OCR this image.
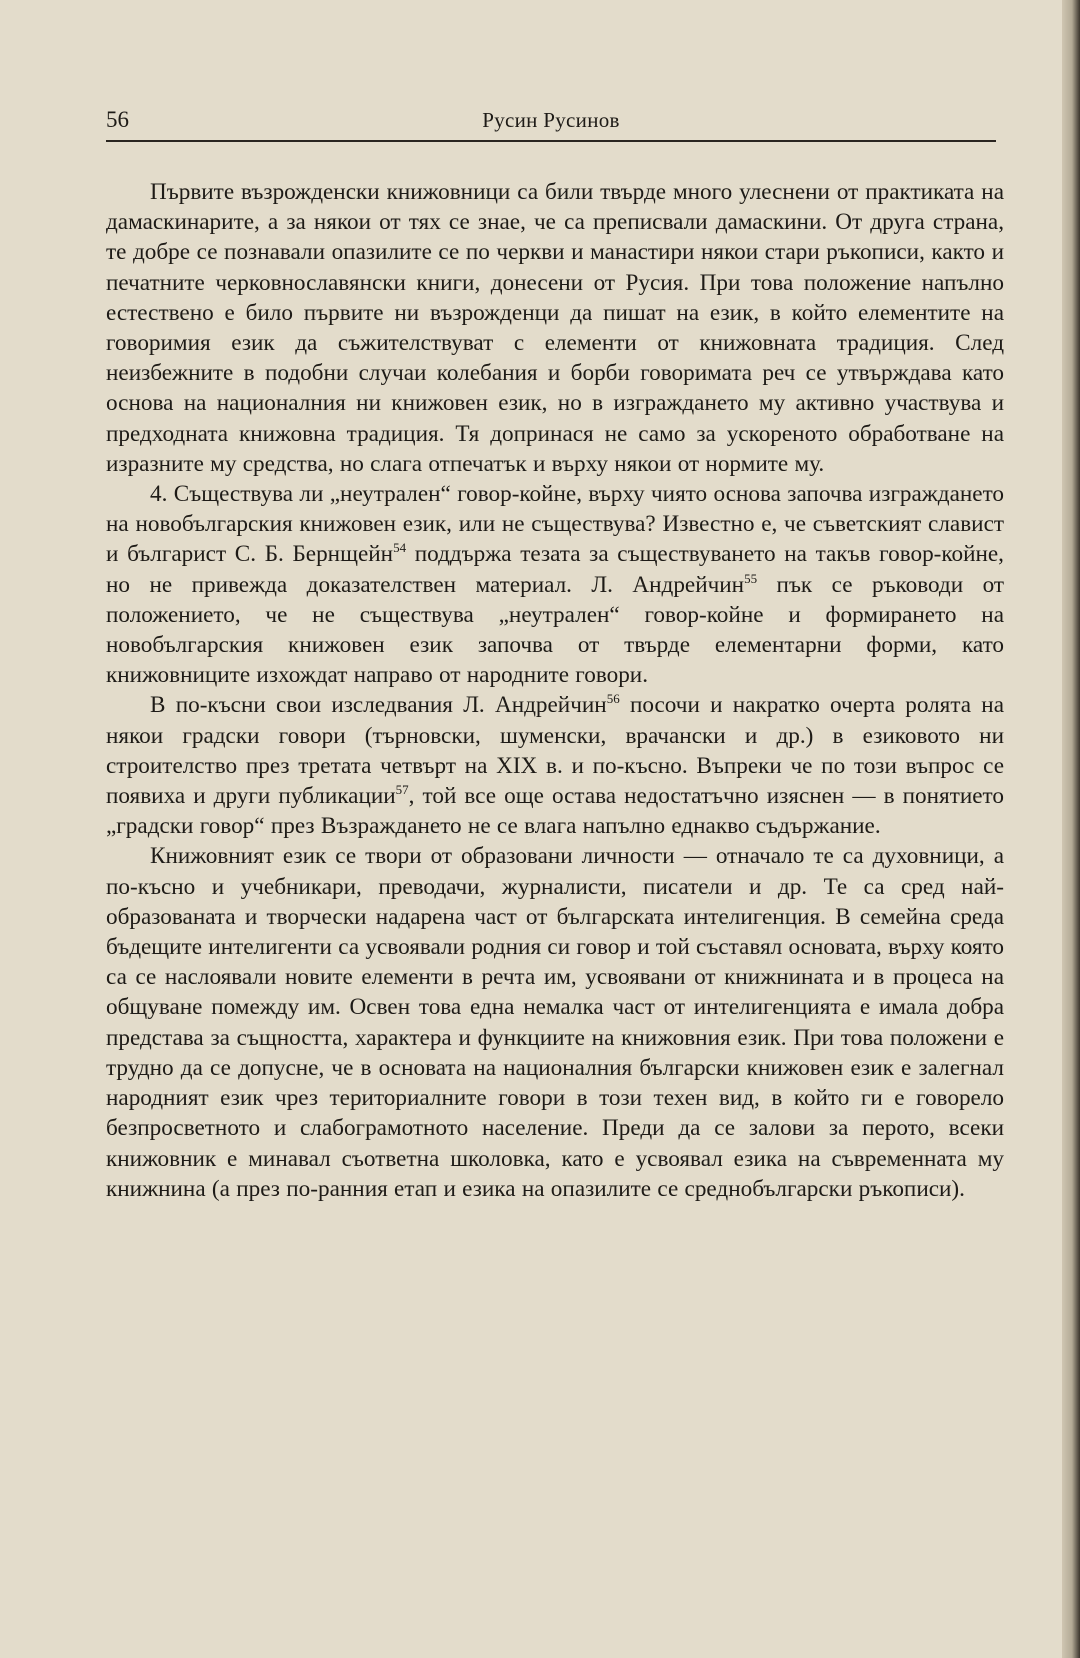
56	Русин Русинов

Първите възрожденски книжовници са били твърде много улеснени от практиката на дамаскинарите, а за някои от тях се знае, че са преписвали дамаскини. От друга страна, те добре се познавали опазилите се по черкви и манастири някои стари ръкописи, както и печатните черковнославянски книги, донесени от Русия. При това положение напълно естествено е било първите ни възрожденци да пишат на език, в който елементите на говоримия език да съжителствуват с елементи от книжовната традиция. След неизбежните в подобни случаи колебания и борби говоримата реч се утвърждава като основа на националния ни книжовен език, но в изграждането му активно участвува и предходната книжовна традиция. Тя допринася не само за ускореното обработване на изразните му средства, но слага отпечатък и върху някои от нормите му.

4. Съществува ли „неутрален“ говор-койне, върху чиято основа започва изграждането на новобългарския книжовен език, или не съществува? Известно е, че съветският славист и българист С. Б. Бернщейн$^{54}$ поддържа тезата за съществуването на такъв говор-койне, но не привежда доказателствен материал. Л. Андрейчин$^{55}$ пък се ръководи от положението, че не съществува „неутрален“ говор-койне и формирането на новобългарския книжовен език започва от твърде елементарни форми, като книжовниците изхождат направо от народните говори.

В по-късни свои изследвания Л. Андрейчин$^{56}$ посочи и накратко очерта ролята на някои градски говори (търновски, шуменски, врачански и др.) в езиковото ни строителство през третата четвърт на XIX в. и по-късно. Въпреки че по този въпрос се появиха и други публикации$^{57}$, той все още остава недостатъчно изяснен — в понятието „градски говор“ през Възраждането не се влага напълно еднакво съдържание.

Книжовният език се твори от образовани личности — отначало те са духовници, а по-късно и учебникари, преводачи, журналисти, писатели и др. Те са сред най-образованата и творчески надарена част от българската интелигенция. В семейна среда бъдещите интелигенти са усвоявали родния си говор и той съставял основата, върху която са се наслоявали новите елементи в речта им, усвоявани от книжнината и в процеса на общуване помежду им. Освен това една немалка част от интелигенцията е имала добра представа за същността, характера и функциите на книжовния език. При това положени е трудно да се допусне, че в основата на националния български книжовен език е залегнал народният език чрез териториалните говори в този техен вид, в който ги е говорело безпросветното и слабограмотното население. Преди да се залови за перото, всеки книжовник е минавал съответна школовка, като е усвоявал езика на съвременната му книжнина (а през по-ранния етап и езика на опазилите се среднобългарски ръкописи).
